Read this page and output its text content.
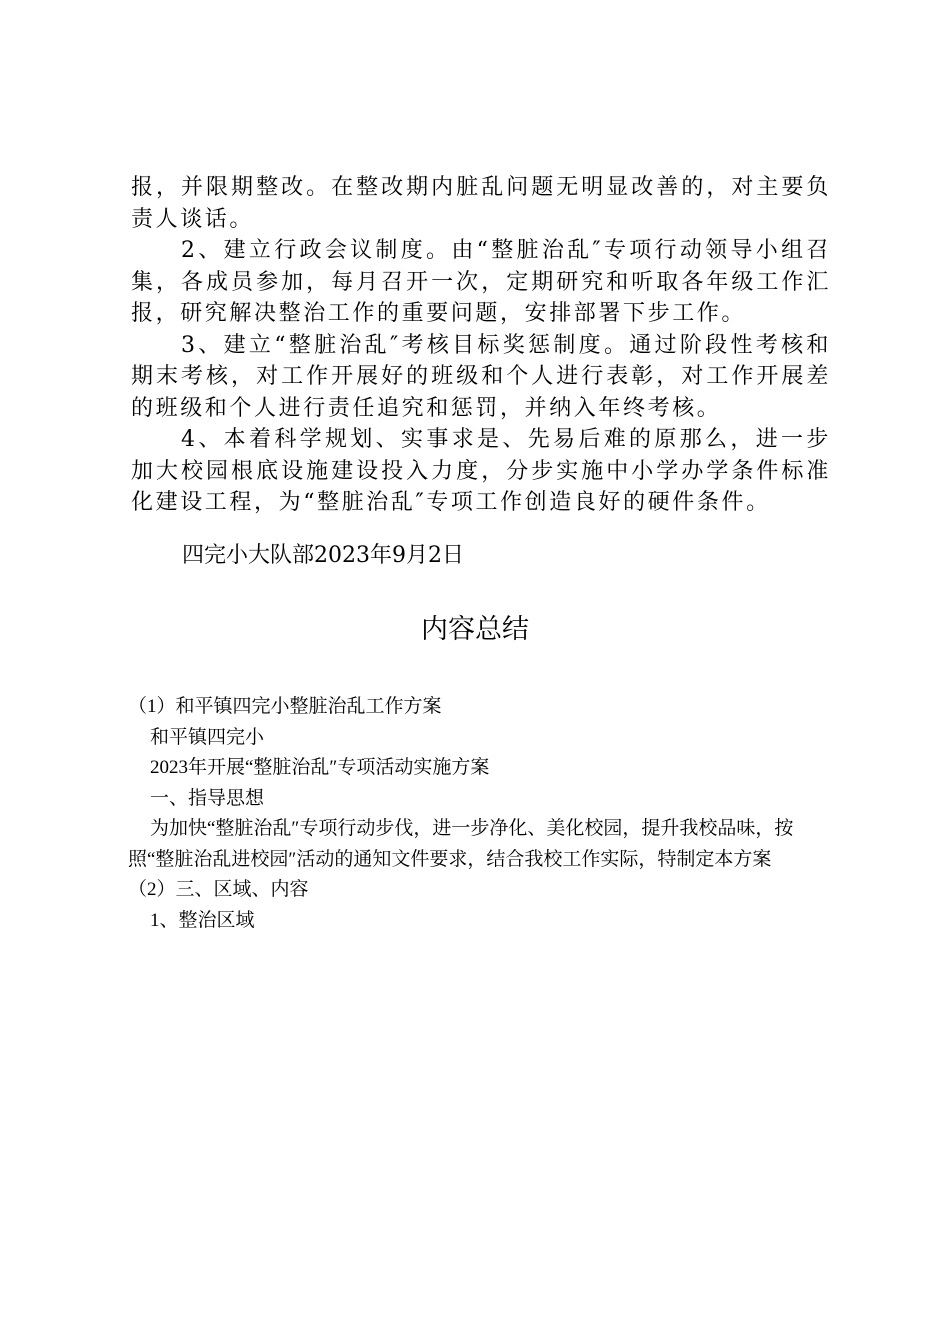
报，并限期整改。在整改期内脏乱问题无明显改善的，对主要负责人谈话。

2、建立行政会议制度。由“整脏治乱″专项行动领导小组召集，各成员参加，每月召开一次，定期研究和听取各年级工作汇报，研究解决整治工作的重要问题，安排部署下步工作。

3、建立“整脏治乱″考核目标奖惩制度。通过阶段性考核和期末考核，对工作开展好的班级和个人进行表彰，对工作开展差的班级和个人进行责任追究和惩罚，并纳入年终考核。

4、本着科学规划、实事求是、先易后难的原那么，进一步加大校园根底设施建设投入力度，分步实施中小学办学条件标准化建设工程，为“整脏治乱″专项工作创造良好的硬件条件。

四完小大队部2023年9月2日
内容总结

（1）和平镇四完小整脏治乱工作方案

和平镇四完小

2023年开展“整脏治乱″专项活动实施方案

一、指导思想

为加快“整脏治乱″专项行动步伐，进一步净化、美化校园，提升我校品味，按照“整脏治乱进校园″活动的通知文件要求，结合我校工作实际，特制定本方案

（2）三、区域、内容

1、整治区域
